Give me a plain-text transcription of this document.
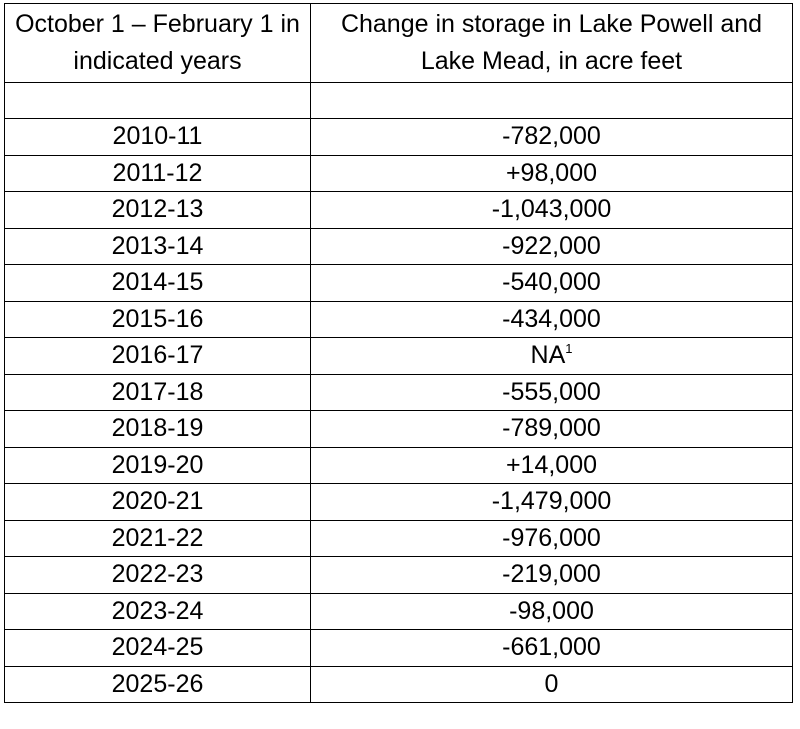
October 1 – February 1 in indicated years	Change in storage in Lake Powell and Lake Mead, in acre feet

2010-11	-782,000
2011-12	+98,000
2012-13	-1,043,000
2013-14	-922,000
2014-15	-540,000
2015-16	-434,000
2016-17	NA$^1$
2017-18	-555,000
2018-19	-789,000
2019-20	+14,000
2020-21	-1,479,000
2021-22	-976,000
2022-23	-219,000
2023-24	-98,000
2024-25	-661,000
2025-26	0
